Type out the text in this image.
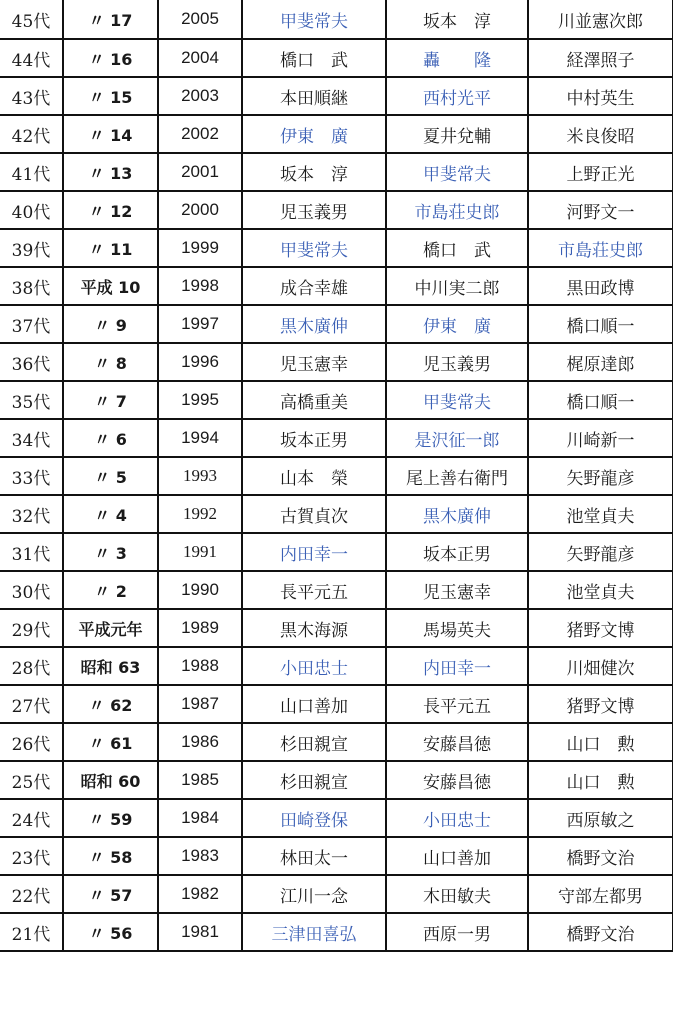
45代	〃 17	2005	甲斐常夫	坂本　淳	川並憲次郎
44代	〃 16	2004	橋口　武	轟　　隆	経澤照子
43代	〃 15	2003	本田順継	西村光平	中村英生
42代	〃 14	2002	伊東　廣	夏井兌輔	米良俊昭
41代	〃 13	2001	坂本　淳	甲斐常夫	上野正光
40代	〃 12	2000	児玉義男	市島荘史郎	河野文一
39代	〃 11	1999	甲斐常夫	橋口　武	市島荘史郎
38代	平成 10	1998	成合幸雄	中川実二郎	黒田政博
37代	〃 9	1997	黒木廣伸	伊東　廣	橋口順一
36代	〃 8	1996	児玉憲幸	児玉義男	梶原達郎
35代	〃 7	1995	高橋重美	甲斐常夫	橋口順一
34代	〃 6	1994	坂本正男	是沢征一郎	川崎新一
33代	〃 5	1993	山本　榮	尾上善右衛門	矢野龍彦
32代	〃 4	1992	古賀貞次	黒木廣伸	池堂貞夫
31代	〃 3	1991	内田幸一	坂本正男	矢野龍彦
30代	〃 2	1990	長平元五	児玉憲幸	池堂貞夫
29代	平成元年	1989	黒木海源	馬場英夫	猪野文博
28代	昭和 63	1988	小田忠士	内田幸一	川畑健次
27代	〃 62	1987	山口善加	長平元五	猪野文博
26代	〃 61	1986	杉田親宣	安藤昌徳	山口　勲
25代	昭和 60	1985	杉田親宣	安藤昌徳	山口　勲
24代	〃 59	1984	田崎登保	小田忠士	西原敏之
23代	〃 58	1983	林田太一	山口善加	橋野文治
22代	〃 57	1982	江川一念	木田敏夫	守部左都男
21代	〃 56	1981	三津田喜弘	西原一男	橋野文治
